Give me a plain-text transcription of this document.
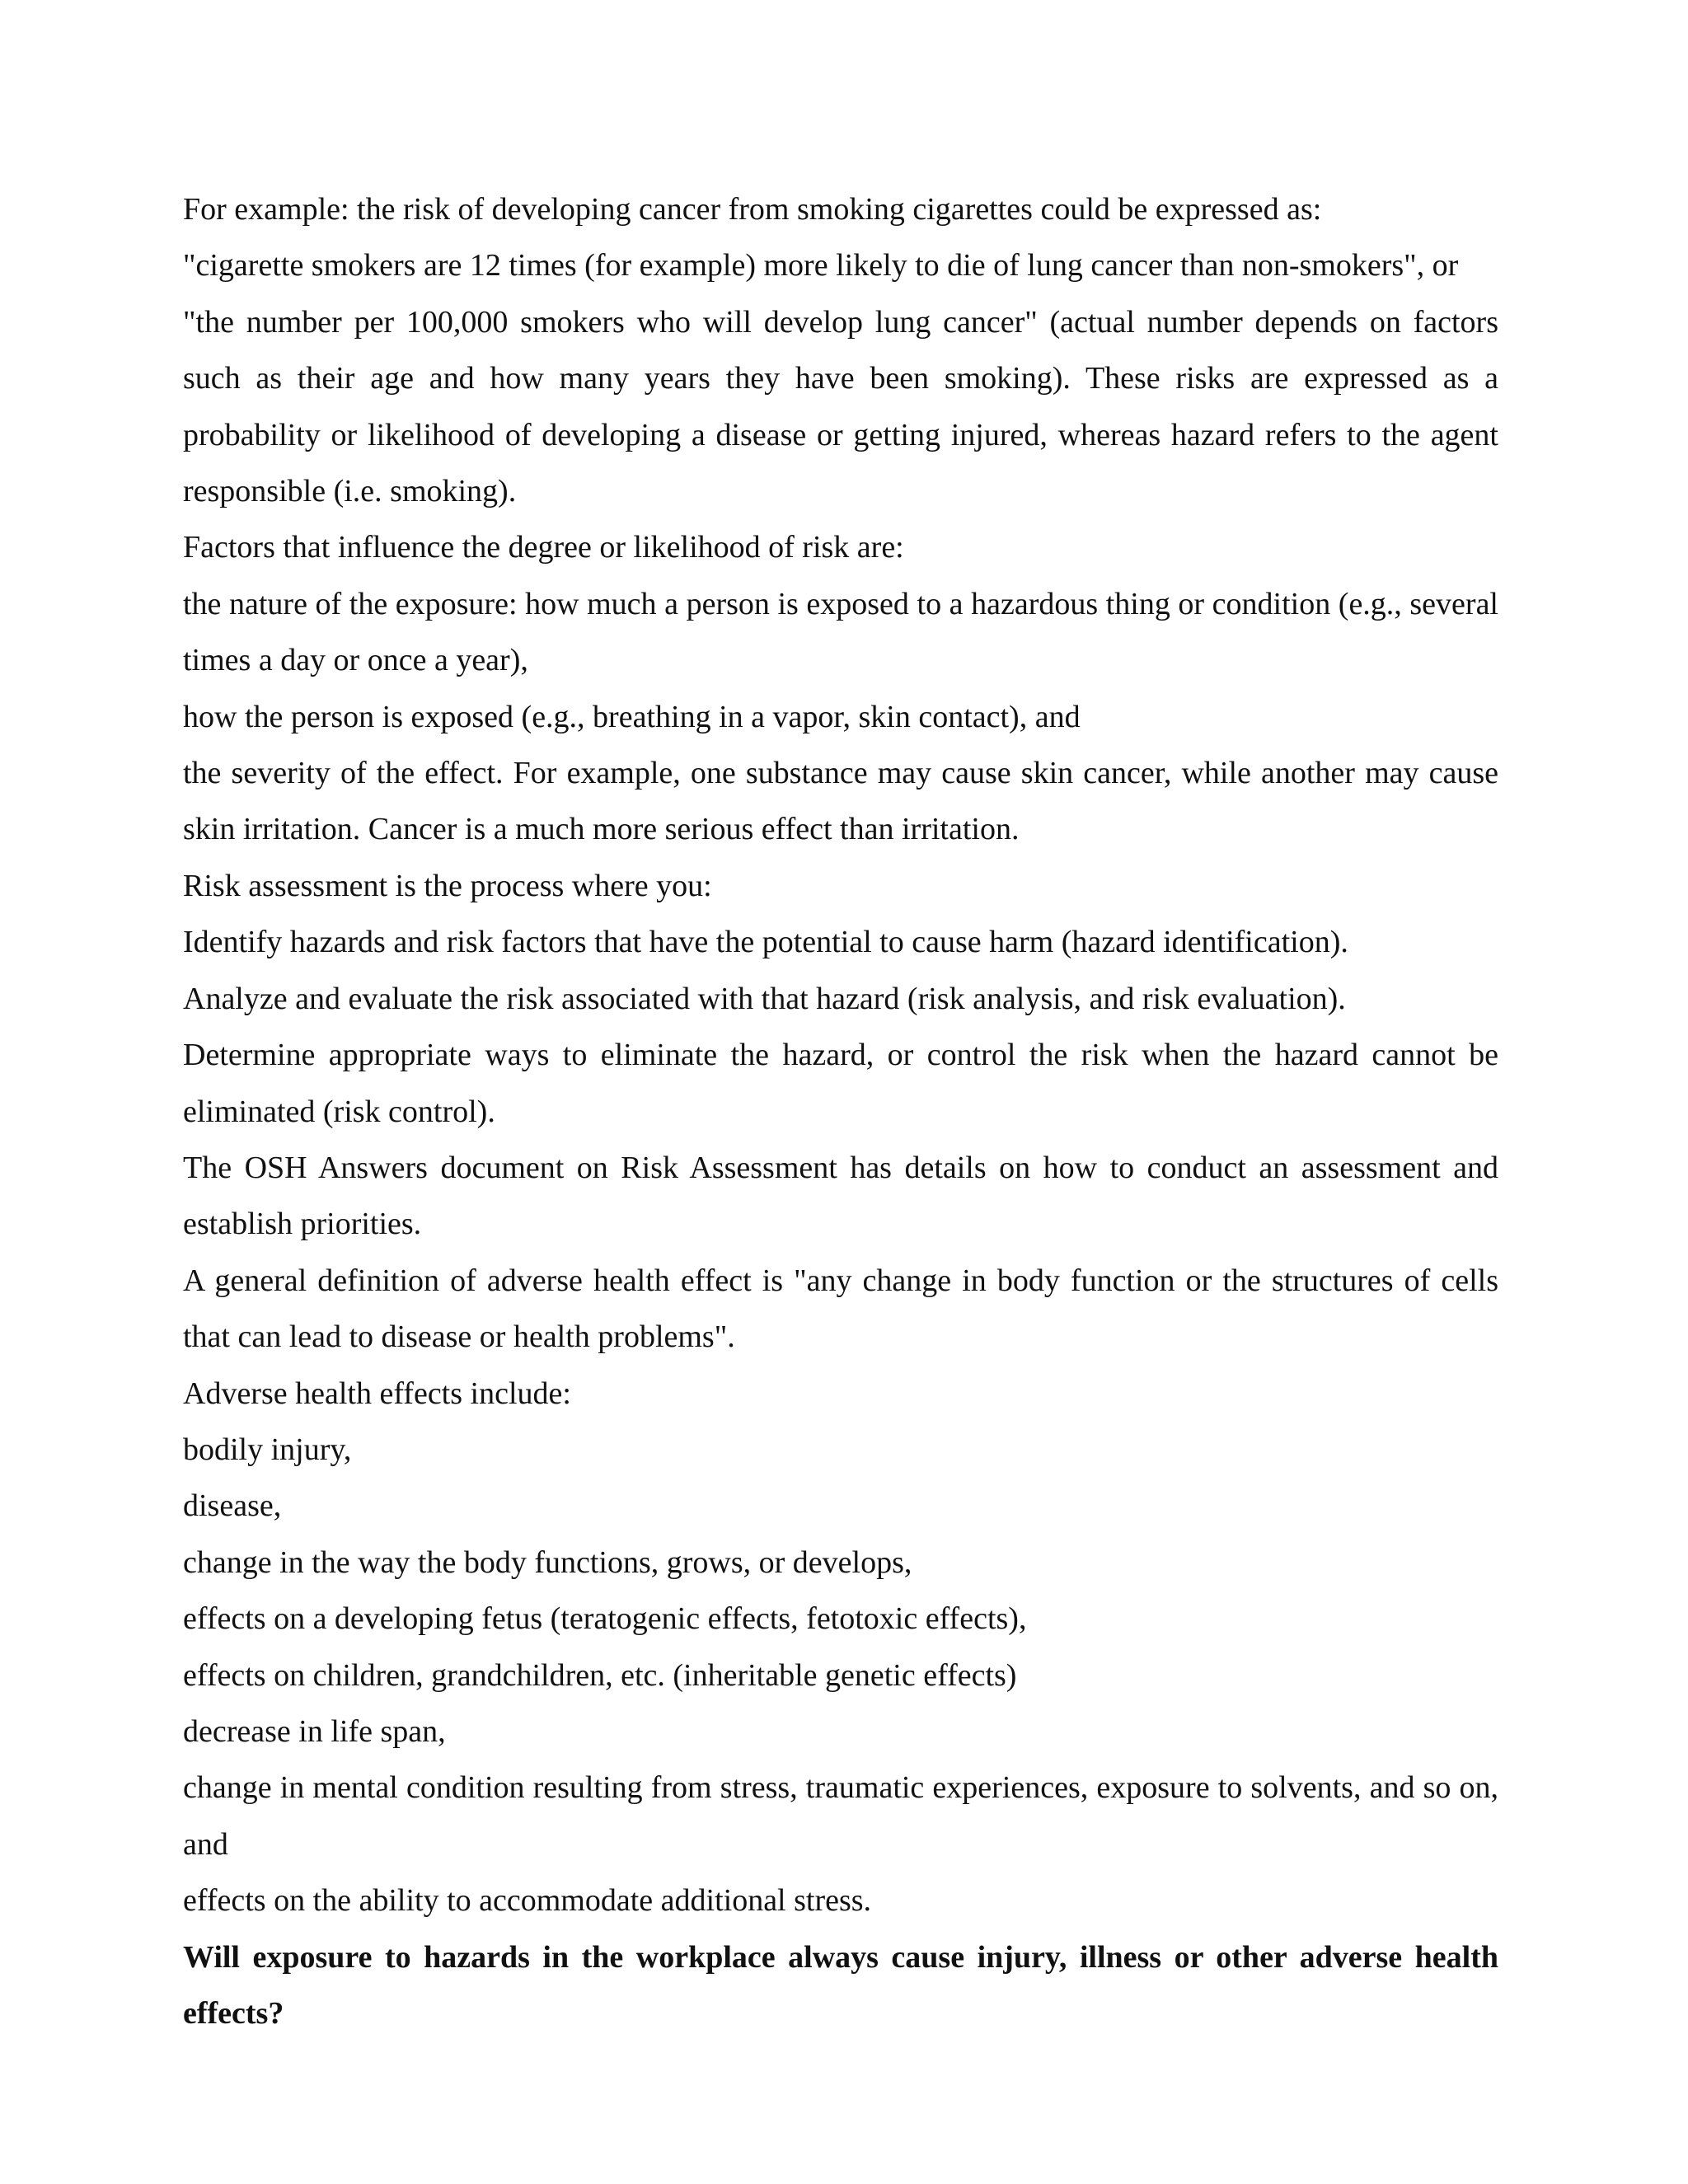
For example: the risk of developing cancer from smoking cigarettes could be expressed as:

"cigarette smokers are 12 times (for example) more likely to die of lung cancer than non-smokers", or

"the number per 100,000 smokers who will develop lung cancer" (actual number depends on factors such as their age and how many years they have been smoking). These risks are expressed as a probability or likelihood of developing a disease or getting injured, whereas hazard refers to the agent responsible (i.e. smoking).

Factors that influence the degree or likelihood of risk are:

the nature of the exposure: how much a person is exposed to a hazardous thing or condition (e.g., several times a day or once a year),

how the person is exposed (e.g., breathing in a vapor, skin contact), and

the severity of the effect. For example, one substance may cause skin cancer, while another may cause skin irritation. Cancer is a much more serious effect than irritation.

Risk assessment is the process where you:

Identify hazards and risk factors that have the potential to cause harm (hazard identification).

Analyze and evaluate the risk associated with that hazard (risk analysis, and risk evaluation).

Determine appropriate ways to eliminate the hazard, or control the risk when the hazard cannot be eliminated (risk control).

The OSH Answers document on Risk Assessment has details on how to conduct an assessment and establish priorities.

A general definition of adverse health effect is "any change in body function or the structures of cells that can lead to disease or health problems".

Adverse health effects include:

bodily injury,

disease,

change in the way the body functions, grows, or develops,

effects on a developing fetus (teratogenic effects, fetotoxic effects),

effects on children, grandchildren, etc. (inheritable genetic effects)

decrease in life span,

change in mental condition resulting from stress, traumatic experiences, exposure to solvents, and so on, and

effects on the ability to accommodate additional stress.

Will exposure to hazards in the workplace always cause injury, illness or other adverse health effects?
